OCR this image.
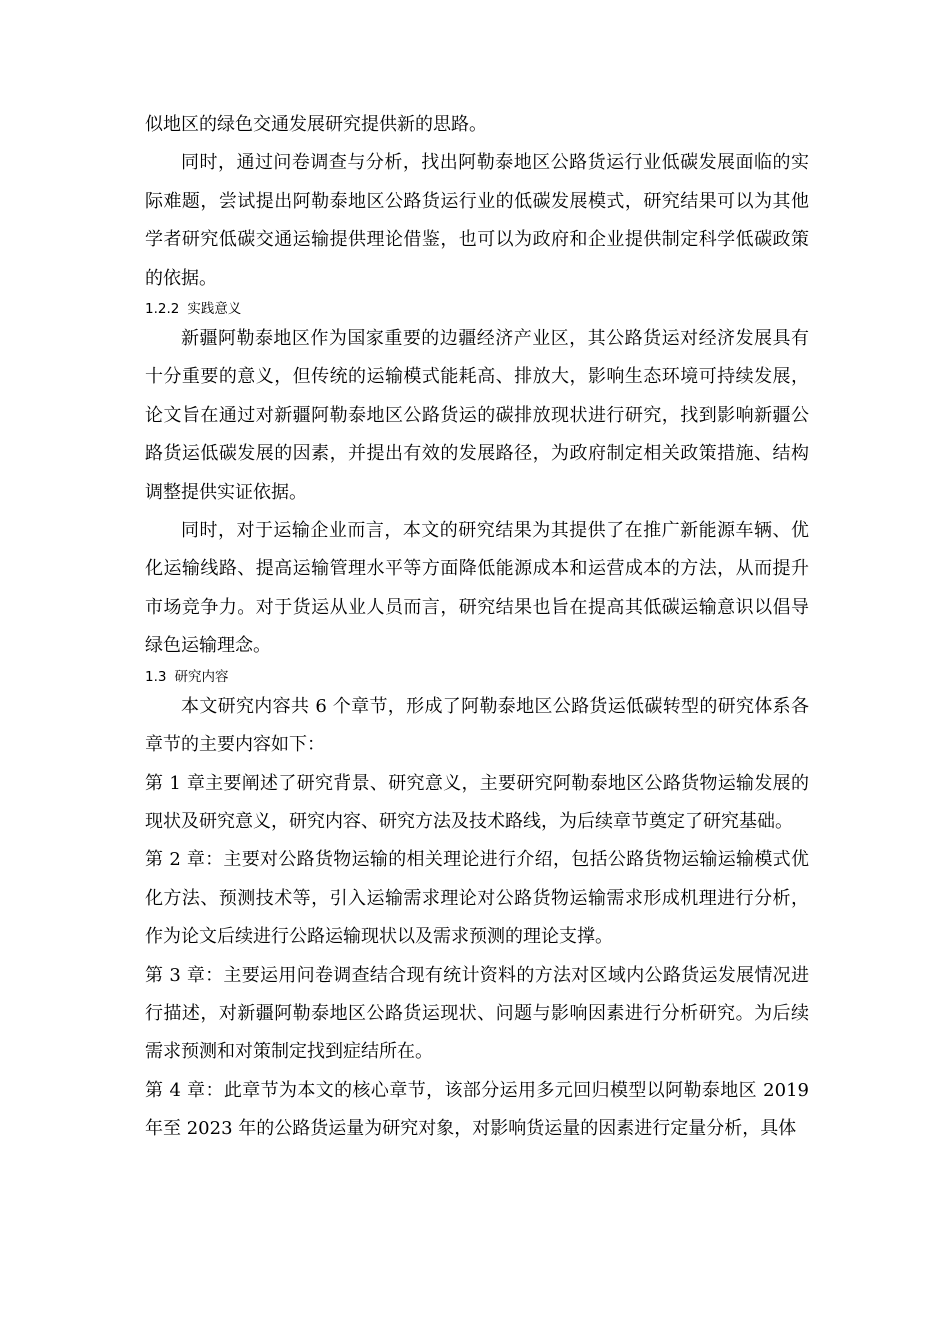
似地区的绿色交通发展研究提供新的思路。

同时，通过问卷调查与分析，找出阿勒泰地区公路货运行业低碳发展面临的实际难题，尝试提出阿勒泰地区公路货运行业的低碳发展模式，研究结果可以为其他学者研究低碳交通运输提供理论借鉴，也可以为政府和企业提供制定科学低碳政策的依据。

1.2.2 实践意义

新疆阿勒泰地区作为国家重要的边疆经济产业区，其公路货运对经济发展具有十分重要的意义，但传统的运输模式能耗高、排放大，影响生态环境可持续发展，论文旨在通过对新疆阿勒泰地区公路货运的碳排放现状进行研究，找到影响新疆公路货运低碳发展的因素，并提出有效的发展路径，为政府制定相关政策措施、结构调整提供实证依据。

同时，对于运输企业而言，本文的研究结果为其提供了在推广新能源车辆、优化运输线路、提高运输管理水平等方面降低能源成本和运营成本的方法，从而提升市场竞争力。对于货运从业人员而言，研究结果也旨在提高其低碳运输意识以倡导绿色运输理念。

1.3 研究内容

本文研究内容共 6 个章节，形成了阿勒泰地区公路货运低碳转型的研究体系各章节的主要内容如下：

第 1 章主要阐述了研究背景、研究意义，主要研究阿勒泰地区公路货物运输发展的现状及研究意义，研究内容、研究方法及技术路线，为后续章节奠定了研究基础。

第 2 章：主要对公路货物运输的相关理论进行介绍，包括公路货物运输运输模式优化方法、预测技术等，引入运输需求理论对公路货物运输需求形成机理进行分析，作为论文后续进行公路运输现状以及需求预测的理论支撑。

第 3 章：主要运用问卷调查结合现有统计资料的方法对区域内公路货运发展情况进行描述，对新疆阿勒泰地区公路货运现状、问题与影响因素进行分析研究。为后续需求预测和对策制定找到症结所在。

第 4 章：此章节为本文的核心章节，该部分运用多元回归模型以阿勒泰地区 2019 年至 2023 年的公路货运量为研究对象，对影响货运量的因素进行定量分析，具体
